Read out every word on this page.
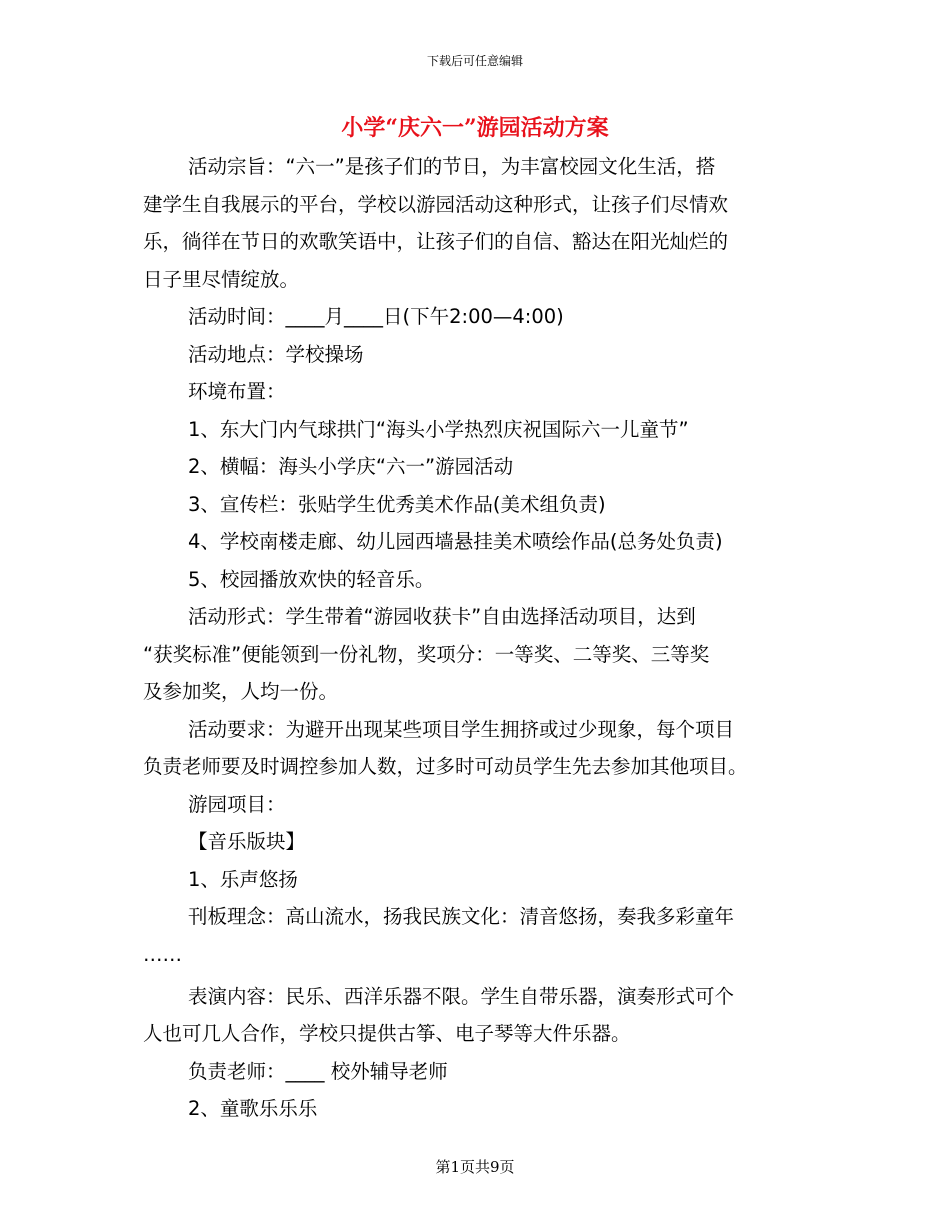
下载后可任意编辑
小学“庆六一”游园活动方案

活动宗旨：“六一”是孩子们的节日，为丰富校园文化生活，搭

建学生自我展示的平台，学校以游园活动这种形式，让孩子们尽情欢

乐，徜徉在节日的欢歌笑语中，让孩子们的自信、豁达在阳光灿烂的

日子里尽情绽放。

活动时间：____月____日(下午2:00—4:00)

活动地点：学校操场

环境布置：

1、东大门内气球拱门“海头小学热烈庆祝国际六一儿童节”

2、横幅：海头小学庆“六一”游园活动

3、宣传栏：张贴学生优秀美术作品(美术组负责)

4、学校南楼走廊、幼儿园西墙悬挂美术喷绘作品(总务处负责)

5、校园播放欢快的轻音乐。

活动形式：学生带着“游园收获卡”自由选择活动项目，达到

“获奖标准”便能领到一份礼物，奖项分：一等奖、二等奖、三等奖

及参加奖，人均一份。

活动要求：为避开出现某些项目学生拥挤或过少现象，每个项目

负责老师要及时调控参加人数，过多时可动员学生先去参加其他项目。

游园项目：

【音乐版块】

1、乐声悠扬

刊板理念：高山流水，扬我民族文化：清音悠扬，奏我多彩童年

……

表演内容：民乐、西洋乐器不限。学生自带乐器，演奏形式可个

人也可几人合作，学校只提供古筝、电子琴等大件乐器。

负责老师：____ 校外辅导老师

2、童歌乐乐乐

第1页共9页
